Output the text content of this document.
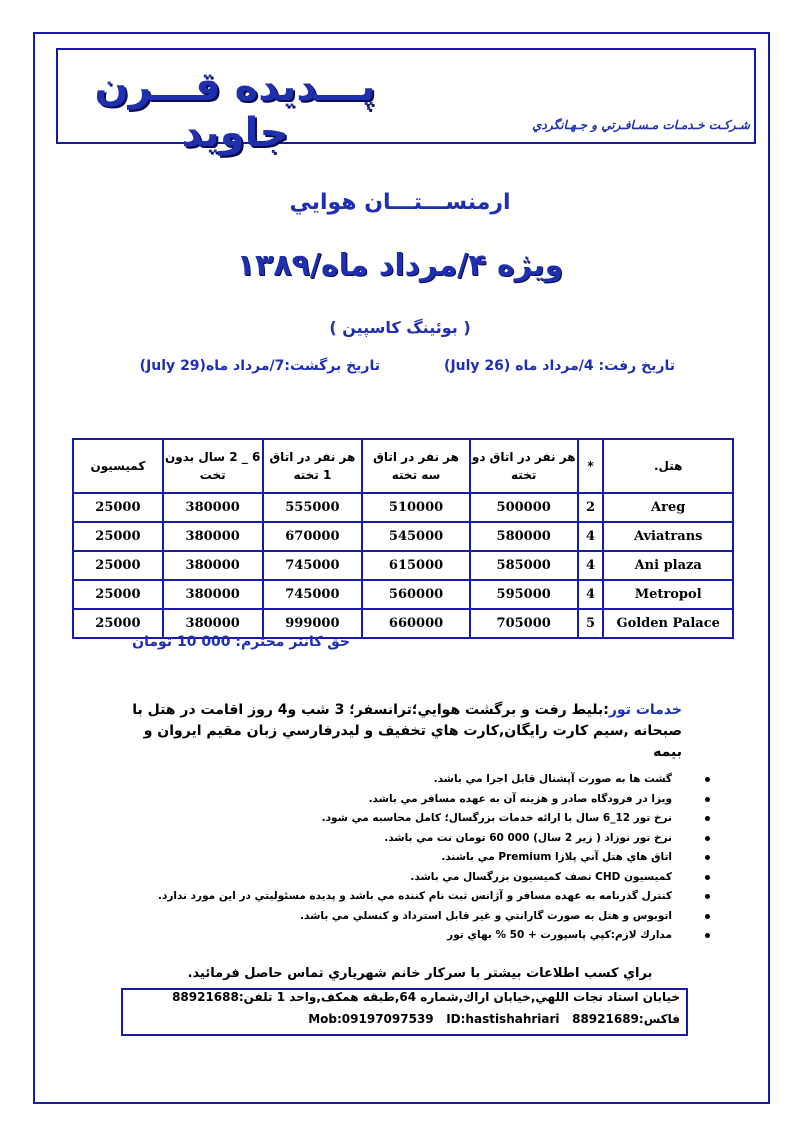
پـــديده قـــرن جاويد	شـركـت خـدمـات مـسـافـرتي و جـهـانگردي
ارمنســـتـــان هوايي
ويژه ۴/مرداد ماه/۱۳۸۹
( بوئينگ كاسپين )
تاريخ رفت: 4/مرداد ماه (26 July)
تاريخ برگشت:7/مرداد ماه(29 July)
هتل.	*	هر نفر در اتاق دو تخته	هر نفر در اتاق سه تخته	هر نفر در اتاق 1 تخته	6 _ 2 سال بدون تخت	كميسيون
Areg	2	500000	510000	555000	380000	25000
Aviatrans	4	580000	545000	670000	380000	25000
Ani plaza	4	585000	615000	745000	380000	25000
Metropol	4	595000	560000	745000	380000	25000
Golden Palace	5	705000	660000	999000	380000	25000
حق كانتر محترم: 000 10 تومان
خدمات تور:بليط رفت و برگشت هوايي؛ترانسفر؛ 3 شب و4 روز اقامت در هتل با صبحانه ,سيم كارت رايگان,كارت هاي تخفيف و ليدرفارسي زبان مقيم ايروان و بيمه
گشت ها به صورت آپشنال قابل اجرا مي باشد.
ويزا در فرودگاه صادر و هزينه آن به عهده مسافر مي باشد.
نرخ تور 12_6 سال با ارائه خدمات بزرگسال؛ كامل محاسبه مي شود.
نرخ تور نوزاد ( زير 2 سال) 000 60 تومان نت مي باشد.
اتاق هاي هتل آني پلازا Premium مي باشند.
كميسيون CHD نصف كميسيون بزرگسال مي باشد.
كنترل گذرنامه به عهده مسافر و آژانس ثبت نام كننده مي باشد و پديده مسئوليتي در اين مورد ندارد.
اتوبوس و هتل به صورت گارانتي و غير قابل استرداد و كنسلي مي باشد.
مدارك لازم:كپي پاسپورت + 50 % بهاي تور
براي كسب اطلاعات بيشتر با سركار خانم شهرياري تماس حاصل فرمائيد.
خيابان استاد نجات اللهي,خيابان اراك,شماره 64,طبقه همكف,واحد 1 تلفن:88921688
فاكس:88921689   ID:hastishahriari   Mob:09197097539
